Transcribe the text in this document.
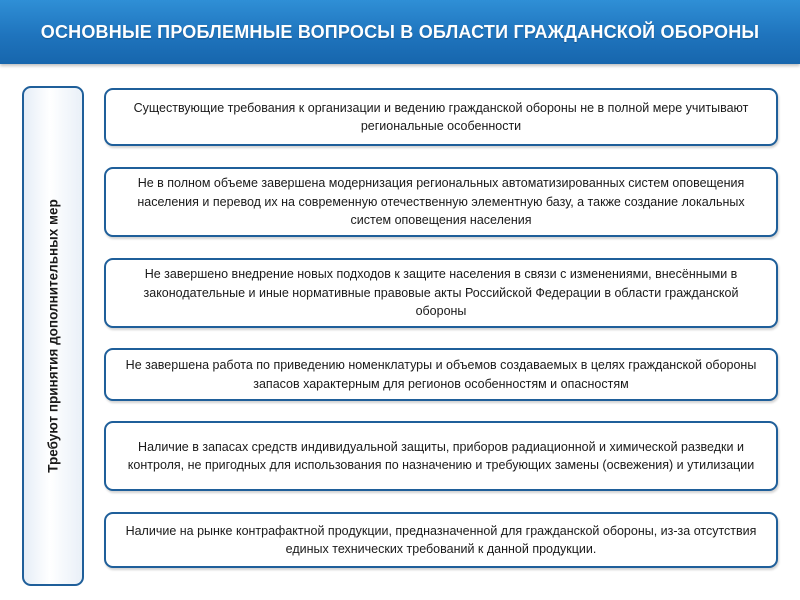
ОСНОВНЫЕ ПРОБЛЕМНЫЕ ВОПРОСЫ В ОБЛАСТИ ГРАЖДАНСКОЙ ОБОРОНЫ
Требуют принятия дополнительных мер
Существующие требования к организации и ведению гражданской обороны не в полной мере учитывают региональные особенности
Не в полном объеме завершена модернизация региональных автоматизированных систем оповещения населения и перевод их на современную отечественную элементную базу, а также создание локальных систем оповещения населения
Не завершено внедрение новых подходов к защите населения в связи с изменениями, внесёнными в законодательные и иные нормативные правовые акты Российской Федерации в области гражданской обороны
Не завершена работа по приведению номенклатуры и объемов создаваемых в целях гражданской обороны запасов характерным для регионов особенностям и опасностям
Наличие в запасах средств индивидуальной защиты, приборов радиационной и химической разведки и контроля, не пригодных для использования по назначению и требующих замены (освежения) и утилизации
Наличие на рынке контрафактной продукции, предназначенной для гражданской обороны, из-за отсутствия единых технических требований к данной продукции.
